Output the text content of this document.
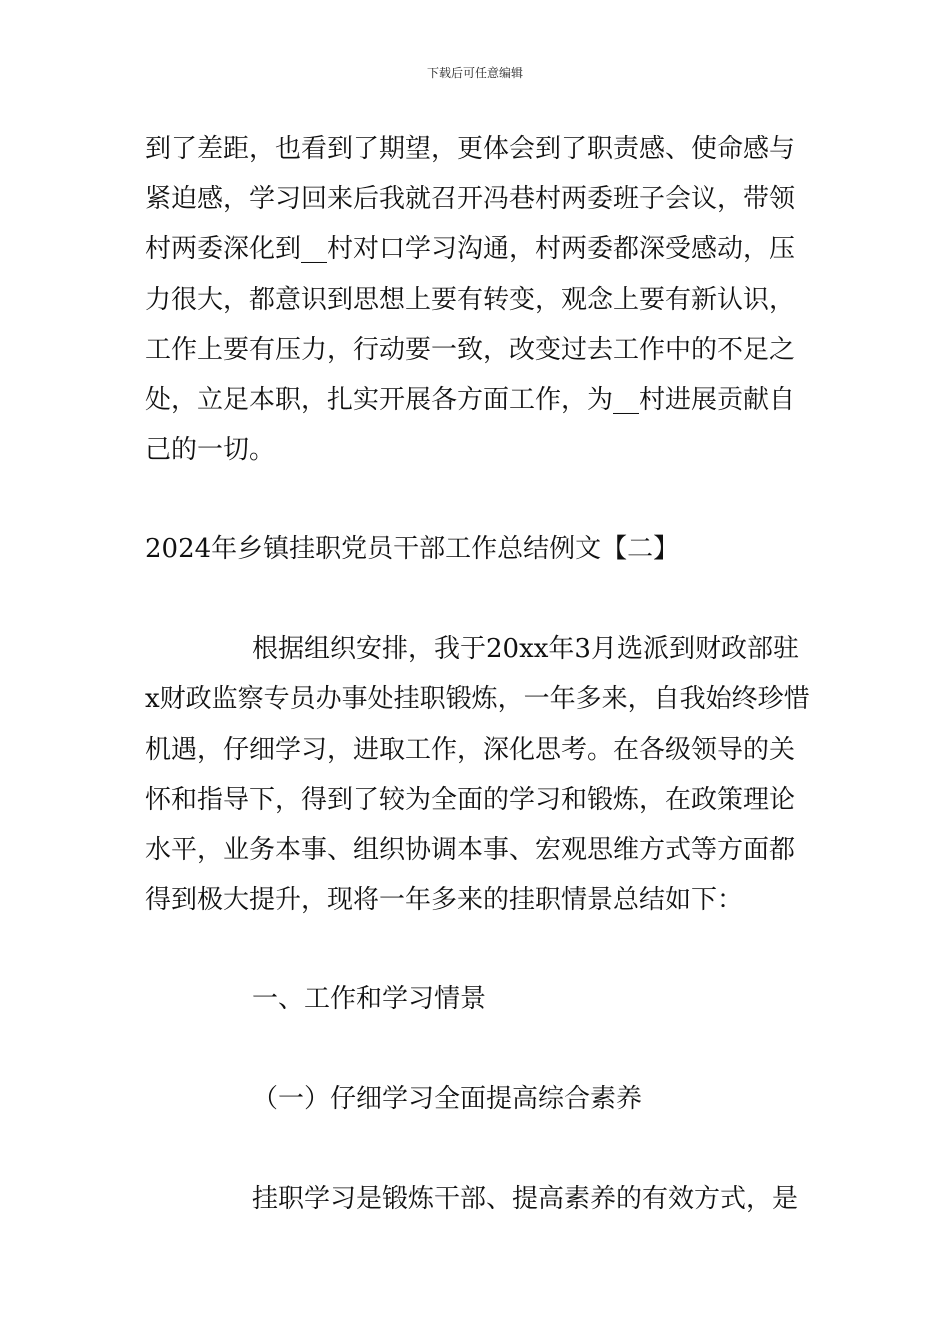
下载后可任意编辑
到了差距，也看到了期望，更体会到了职责感、使命感与
紧迫感，学习回来后我就召开冯巷村两委班子会议，带领
村两委深化到__村对口学习沟通，村两委都深受感动，压
力很大，都意识到思想上要有转变，观念上要有新认识，
工作上要有压力，行动要一致，改变过去工作中的不足之
处，立足本职，扎实开展各方面工作，为__村进展贡献自
己的一切。
2024年乡镇挂职党员干部工作总结例文【二】
根据组织安排，我于20xx年3月选派到财政部驻
x财政监察专员办事处挂职锻炼，一年多来，自我始终珍惜
机遇，仔细学习，进取工作，深化思考。在各级领导的关
怀和指导下，得到了较为全面的学习和锻炼，在政策理论
水平，业务本事、组织协调本事、宏观思维方式等方面都
得到极大提升，现将一年多来的挂职情景总结如下：
一、工作和学习情景
（一）仔细学习全面提高综合素养
挂职学习是锻炼干部、提高素养的有效方式，是
